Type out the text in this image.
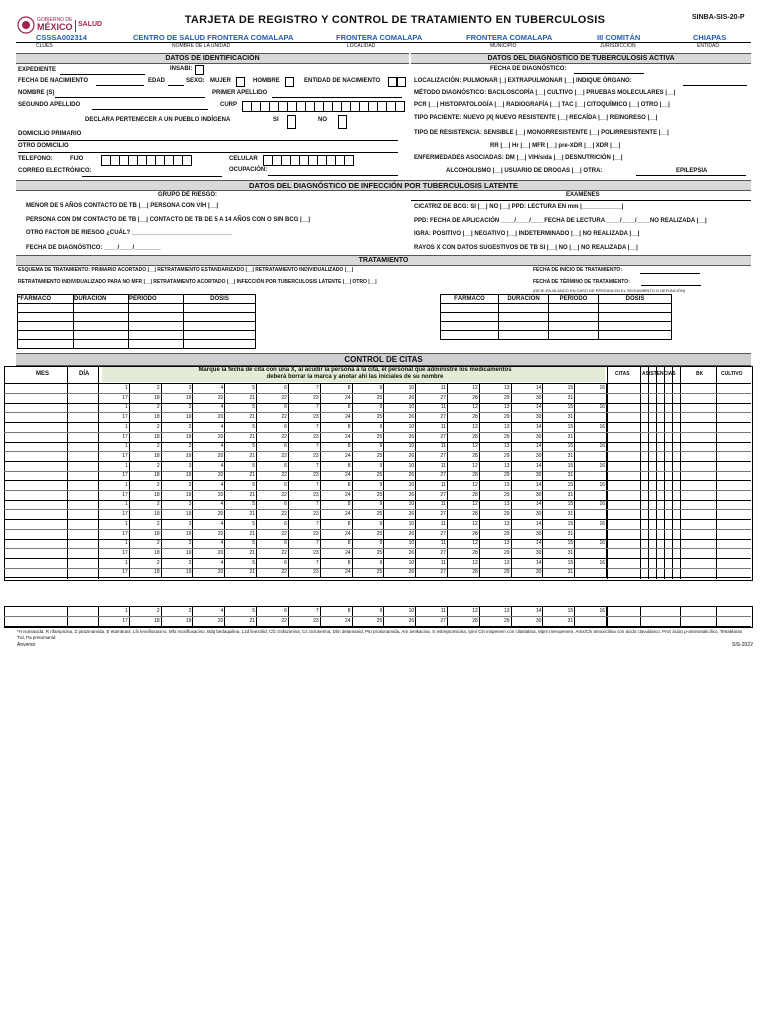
GOBIERNO DE
MÉXICO SALUD	TARJETA DE REGISTRO Y CONTROL DE TRATAMIENTO EN TUBERCULOSIS	SINBA-SIS-20-P
CSSSA002314	CENTRO DE SALUD FRONTERA COMALAPA	FRONTERA COMALAPA	FRONTERA COMALAPA	III COMITÁN	CHIAPAS
CLUES	NOMBRE DE LA UNIDAD	LOCALIDAD	MUNICIPIO	JURISDICCIÓN	ENTIDAD
DATOS DE IDENTIFICACIÓN	DATOS DEL DIAGNÓSTICO DE TUBERCULOSIS ACTIVA
EXPEDIENTE	INSABI:
FECHA DE NACIMIENTO	EDAD	SEXO: MUJER	HOMBRE	ENTIDAD DE NACIMIENTO
NOMBRE (S)	PRIMER APELLIDO
SEGUNDO APELLIDO	CURP
DECLARA PERTENECER A UN PUEBLO INDÍGENA	SI	NO
DOMICILIO PRIMARIO
OTRO DOMICILIO
TELEFONO:	FIJO	CELULAR
CORREO ELECTRÓNICO:	OCUPACIÓN:
FECHA DE DIAGNÓSTICO:
LOCALIZACIÓN: PULMONAR |_| EXTRAPULMONAR |__| INDIQUE ÓRGANO:
MÉTODO DIAGNÓSTICO: BACILOSCOPÍA |__| CULTIVO |__| PRUEBAS MOLECULARES |__|
PCR |__| HISTOPATOLOGÍA |__| RADIOGRAFÍA |__| TAC |__| CITOQUÍMICO |__| OTRO |__|
TIPO PACIENTE: NUEVO |X| NUEVO RESISTENTE |__| RECAÍDA |__| REINGRESO |__|
TIPO DE RESISTENCIA: SENSIBLE |__| MONORRESISTENTE |__| POLIRRESISTENTE |__|
RR |__| Hr |__| MFR |__| pre-XDR |__| XDR |__|
ENFERMEDADES ASOCIADAS: DM |__| VIH/sida |__| DESNUTRICIÓN |__|
ALCOHOLISMO |__| USUARIO DE DROGAS |__| OTRA:	EPILEPSIA
DATOS DEL DIAGNÓSTICO DE INFECCIÓN POR TUBERCULOSIS LATENTE
GRUPO DE RIESGO:	EXAMENES
MENOR DE 5 AÑOS CONTACTO DE TB |__| PERSONA CON VIH |__|
PERSONA CON DM CONTACTO DE TB |__| CONTACTO DE TB DE 5 A 14 AÑOS CON O SIN BCG |__|
OTRO FACTOR DE RIESGO ¿CUÁL? ______________________________
FECHA DE DIAGNÓSTICO: ____/____/________
CICATRIZ DE BCG: SI |__| NO |__| PPD: LECTURA EN mm |____________|
PPD: FECHA DE APLICACIÓN ____/____/____FECHA DE LECTURA ____/____/____NO REALIZADA |__|
IGRA: POSITIVO |__| NEGATIVO |__| INDETERMINADO |__| NO REALIZADA |__|
RAYOS X CON DATOS SUGESTIVOS DE TB SI |__| NO |__| NO REALIZADA |__|
TRATAMIENTO
ESQUEMA DE TRATAMIENTO: PRIMARIO ACORTADO |__| RETRATAMIENTO ESTANDARIZADO |__| RETRATAMIENTO INDIVIDUALIZADO |__|	FECHA DE INICIO DE TRATAMIENTO:
RETRATAMIENTO INDIVIDUALIZADO PARA NO MFR |__| RETRATAMIENTO ACORTADO |__| INFECCIÓN POR TUBERCULOSIS LATENTE |__| OTRO |__|	FECHA DE TÉRMINO DE TRATAMIENTO:
(DEJE EN BLANCO EN CASO DE PÉRDIDA EN EL SEGUIMIENTO O DEFUNCIÓN)
*FÁRMACO	DURACIÓN	PERÍODO	DOSIS

				FÁRMACO	DURACIÓN	PERÍODO	DOSIS

CONTROL DE CITAS
MES	DÍA
Marque la fecha de cita con una X, al acudir la persona a la cita, el personal que administre los medicamentos deberá borrar la marca y anotar ahí las iniciales de su nombre	CITAS ASISTENCIAS	BK	CULTIVO
1	2	3	4	5	6	7	8	9	10	11	12	13	14	15	16
17	18	19	20	21	22	23	24	25	26	27	28	29	30	31
1	2	3	4	5	6	7	8	9	10	11	12	13	14	15	16
17	18	19	20	21	22	23	24	25	26	27	28	29	30	31
1	2	3	4	5	6	7	8	9	10	11	12	13	14	15	16
17	18	19	20	21	22	23	24	25	26	27	28	29	30	31
1	2	3	4	5	6	7	8	9	10	11	12	13	14	15	16
17	18	19	20	21	22	23	24	25	26	27	28	29	30	31
1	2	3	4	5	6	7	8	9	10	11	12	13	14	15	16
17	18	19	20	21	22	23	24	25	26	27	28	29	30	31
1	2	3	4	5	6	7	8	9	10	11	12	13	14	15	16
17	18	19	20	21	22	23	24	25	26	27	28	29	30	31
1	2	3	4	5	6	7	8	9	10	11	12	13	14	15	16
17	18	19	20	21	22	23	24	25	26	27	28	29	30	31
1	2	3	4	5	6	7	8	9	10	11	12	13	14	15	16
17	18	19	20	21	22	23	24	25	26	27	28	29	30	31
1	2	3	4	5	6	7	8	9	10	11	12	13	14	15	16
17	18	19	20	21	22	23	24	25	26	27	28	29	30	31
1	2	3	4	5	6	7	8	9	10	11	12	13	14	15	16
17	18	19	20	21	22	23	24	25	26	27	28	29	30	31
1	2	3	4	5	6	7	8	9	10	11	12	13	14	15	16
17	18	19	20	21	22	23	24	25	26	27	28	29	30	31
*H isoniacida, R rifampicina, Z pirazinamida, E etambutol, Lfx levofloxacino, Mfx moxifloxacino, Bdq bedaquilina, Lzd linezolid, Cfz clofazimina, Cs cicloserina, Dlm delamanid, Pto protionamida, Am amikacina, S estreptomicina, Ipm/ Cln imipenem con cilastatina, Mpm meropenem, Amx/Clv amoxicilina con ácido clavulánico, PAS ácido p-aminosalicílico, Tetraléaras Trd, Pa pretomanid
Anverso	SIS-2022
